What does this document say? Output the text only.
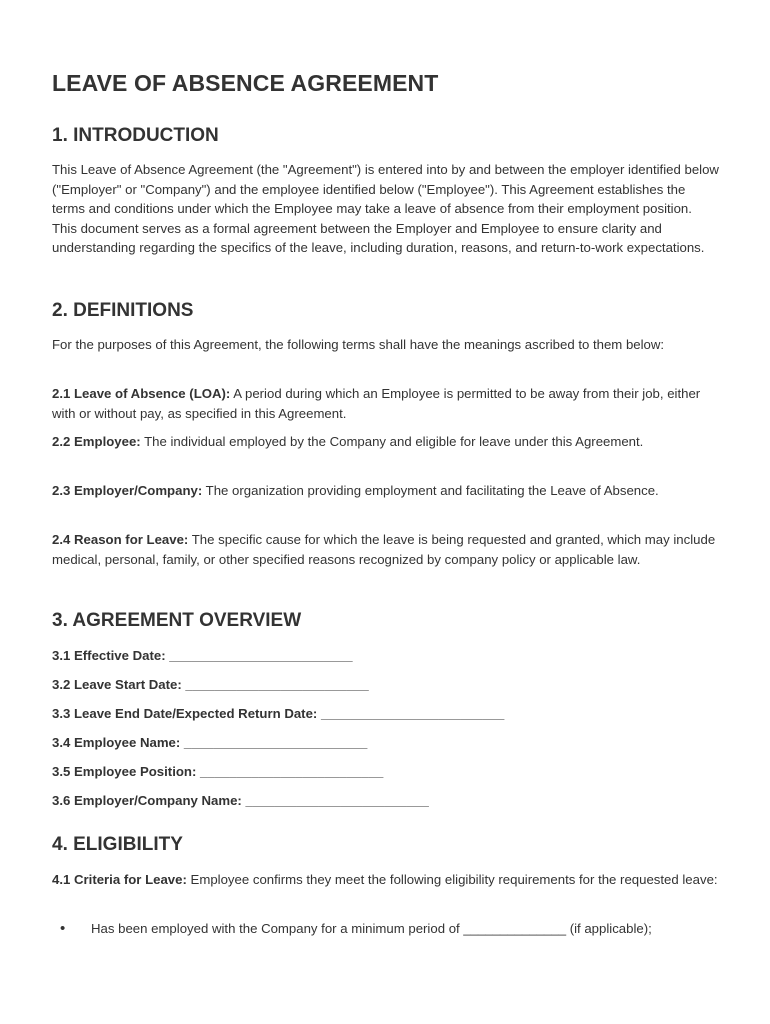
LEAVE OF ABSENCE AGREEMENT
1. INTRODUCTION

This Leave of Absence Agreement (the "Agreement") is entered into by and between the employer identified below ("Employer" or "Company") and the employee identified below ("Employee"). This Agreement establishes the terms and conditions under which the Employee may take a leave of absence from their employment position. This document serves as a formal agreement between the Employer and Employee to ensure clarity and understanding regarding the specifics of the leave, including duration, reasons, and return-to-work expectations.

2. DEFINITIONS

For the purposes of this Agreement, the following terms shall have the meanings ascribed to them below:

2.1 Leave of Absence (LOA): A period during which an Employee is permitted to be away from their job, either with or without pay, as specified in this Agreement.

2.2 Employee: The individual employed by the Company and eligible for leave under this Agreement.

2.3 Employer/Company: The organization providing employment and facilitating the Leave of Absence.

2.4 Reason for Leave: The specific cause for which the leave is being requested and granted, which may include medical, personal, family, or other specified reasons recognized by company policy or applicable law.

3. AGREEMENT OVERVIEW
3.1 Effective Date: _________________________
3.2 Leave Start Date: _________________________
3.3 Leave End Date/Expected Return Date: _________________________
3.4 Employee Name: _________________________
3.5 Employee Position: _________________________
3.6 Employer/Company Name: _________________________
4. ELIGIBILITY

4.1 Criteria for Leave: Employee confirms they meet the following eligibility requirements for the requested leave:

• Has been employed with the Company for a minimum period of ______________ (if applicable);
